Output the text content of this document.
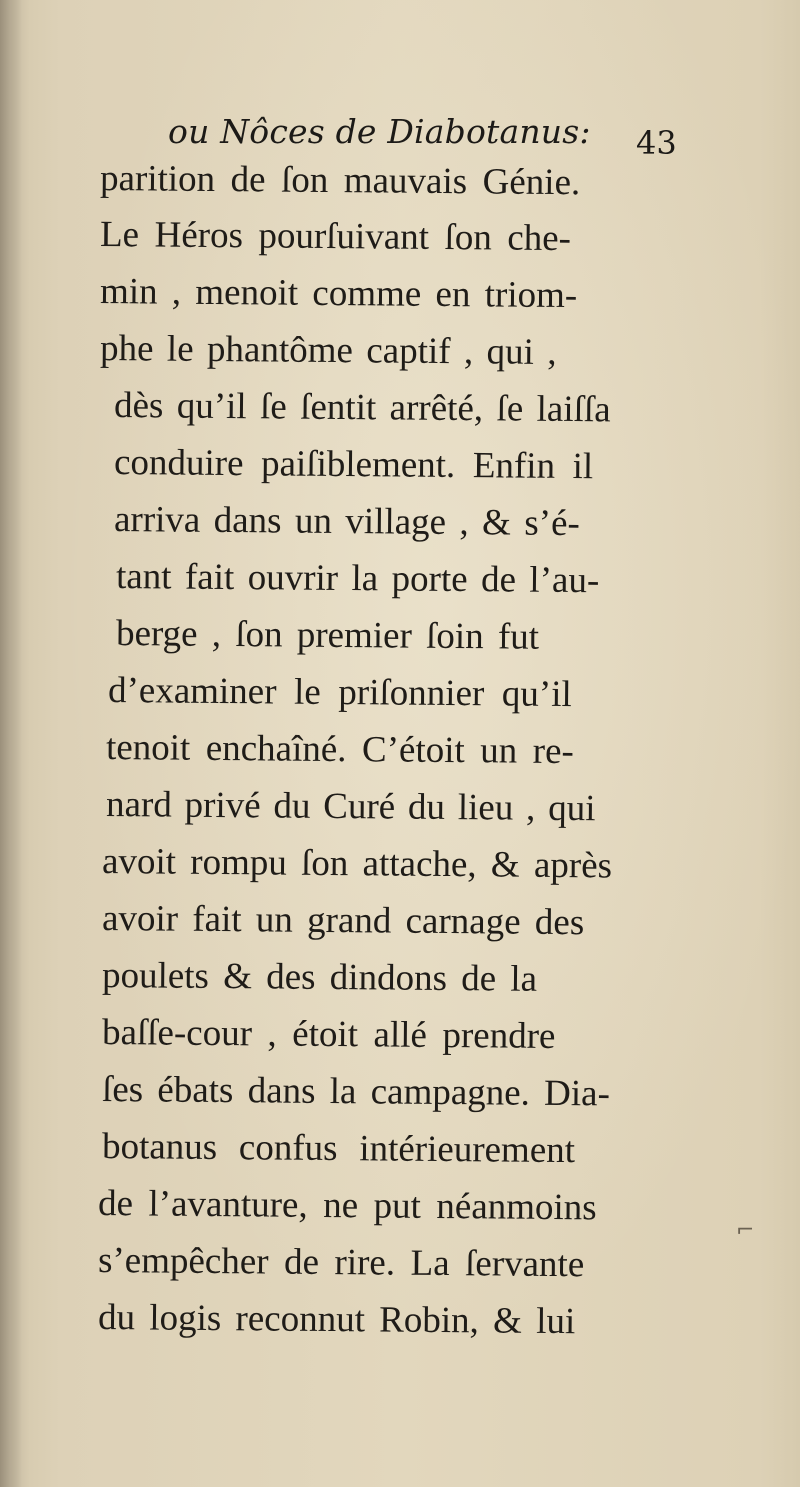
ou Nôces de Diabotanus: 43
parition de ſon mauvais Génie.
Le Héros pourſuivant ſon che-
min , menoit comme en triom-
phe le phantôme captif , qui ,
dès qu’il ſe ſentit arrêté, ſe laiſſa
conduire paiſiblement. Enfin il
arriva dans un village , & s’é-
tant fait ouvrir la porte de l’au-
berge , ſon premier ſoin fut
d’examiner le priſonnier qu’il
tenoit enchaîné. C’étoit un re-
nard privé du Curé du lieu , qui
avoit rompu ſon attache, & après
avoir fait un grand carnage des
poulets & des dindons de la
baſſe-cour , étoit allé prendre
ſes ébats dans la campagne. Dia-
botanus confus intérieurement
de l’avanture, ne put néanmoins
s’empêcher de rire. La ſervante
du logis reconnut Robin, & lui
⌐
